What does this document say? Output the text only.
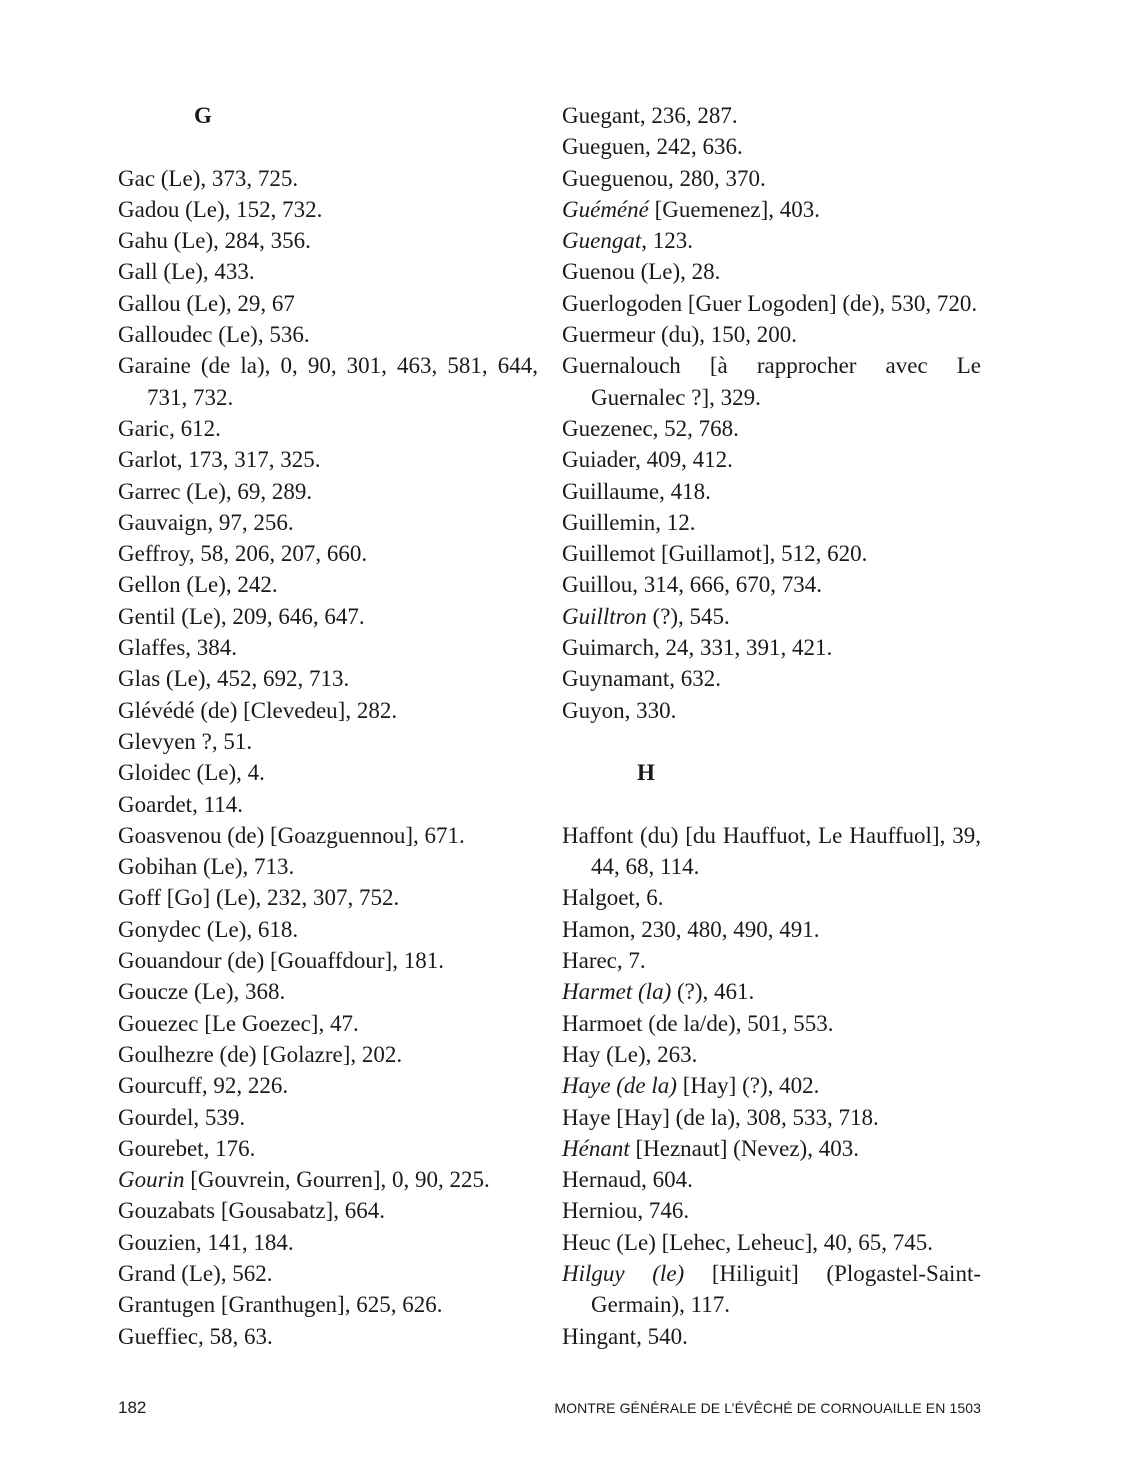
G
Gac (Le), 373, 725.
Gadou (Le), 152, 732.
Gahu (Le), 284, 356.
Gall (Le), 433.
Gallou (Le), 29, 67
Galloudec (Le), 536.
Garaine (de la), 0, 90, 301, 463, 581, 644, 731, 732.
Garic, 612.
Garlot, 173, 317, 325.
Garrec (Le), 69, 289.
Gauvaign, 97, 256.
Geffroy, 58, 206, 207, 660.
Gellon (Le), 242.
Gentil (Le), 209, 646, 647.
Glaffes, 384.
Glas (Le), 452, 692, 713.
Glévédé (de) [Clevedeu], 282.
Glevyen ?, 51.
Gloidec (Le), 4.
Goardet, 114.
Goasvenou (de) [Goazguennou], 671.
Gobihan (Le), 713.
Goff [Go] (Le), 232, 307, 752.
Gonydec (Le), 618.
Gouandour (de) [Gouaffdour], 181.
Goucze (Le), 368.
Gouezec [Le Goezec], 47.
Goulhezre (de) [Golazre], 202.
Gourcuff, 92, 226.
Gourdel, 539.
Gourebet, 176.
Gourin [Gouvrein, Gourren], 0, 90, 225.
Gouzabats [Gousabatz], 664.
Gouzien, 141, 184.
Grand (Le), 562.
Grantugen [Granthugen], 625, 626.
Gueffiec, 58, 63.
Guegant, 236, 287.
Gueguen, 242, 636.
Gueguenou, 280, 370.
Guéméné [Guemenez], 403.
Guengat, 123.
Guenou (Le), 28.
Guerlogoden [Guer Logoden] (de), 530, 720.
Guermeur (du), 150, 200.
Guernalouch [à rapprocher avec Le Guernalec ?], 329.
Guezenec, 52, 768.
Guiader, 409, 412.
Guillaume, 418.
Guillemin, 12.
Guillemot [Guillamot], 512, 620.
Guillou, 314, 666, 670, 734.
Guilltron (?), 545.
Guimarch, 24, 331, 391, 421.
Guynamant, 632.
Guyon, 330.
H
Haffont (du) [du Hauffuot, Le Hauffuol], 39, 44, 68, 114.
Halgoet, 6.
Hamon, 230, 480, 490, 491.
Harec, 7.
Harmet (la) (?), 461.
Harmoet (de la/de), 501, 553.
Hay (Le), 263.
Haye (de la) [Hay] (?), 402.
Haye [Hay] (de la), 308, 533, 718.
Hénant [Heznaut] (Nevez), 403.
Hernaud, 604.
Herniou, 746.
Heuc (Le) [Lehec, Leheuc], 40, 65, 745.
Hilguy (le) [Hiliguit] (Plogastel-Saint-Germain), 117.
Hingant, 540.
182	MONTRE GÉNÉRALE DE L’ÉVÊCHÉ DE CORNOUAILLE EN 1503
